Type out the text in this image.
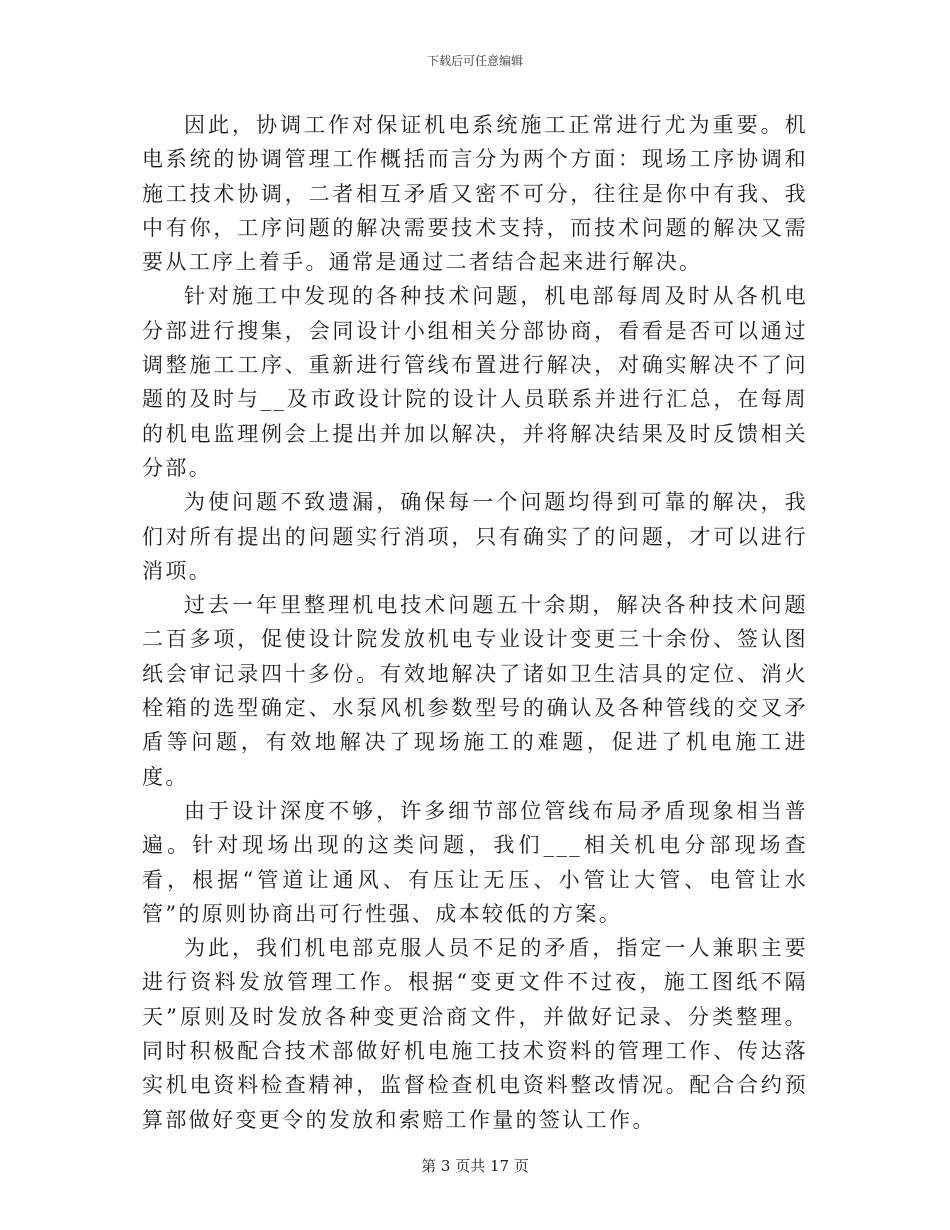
下载后可任意编辑

因此，协调工作对保证机电系统施工正常进行尤为重要。机电系统的协调管理工作概括而言分为两个方面：现场工序协调和施工技术协调，二者相互矛盾又密不可分，往往是你中有我、我中有你，工序问题的解决需要技术支持，而技术问题的解决又需要从工序上着手。通常是通过二者结合起来进行解决。

针对施工中发现的各种技术问题，机电部每周及时从各机电分部进行搜集，会同设计小组相关分部协商，看看是否可以通过调整施工工序、重新进行管线布置进行解决，对确实解决不了问题的及时与__及市政设计院的设计人员联系并进行汇总，在每周的机电监理例会上提出并加以解决，并将解决结果及时反馈相关分部。

为使问题不致遗漏，确保每一个问题均得到可靠的解决，我们对所有提出的问题实行消项，只有确实了的问题，才可以进行消项。

过去一年里整理机电技术问题五十余期，解决各种技术问题二百多项，促使设计院发放机电专业设计变更三十余份、签认图纸会审记录四十多份。有效地解决了诸如卫生洁具的定位、消火栓箱的选型确定、水泵风机参数型号的确认及各种管线的交叉矛盾等问题，有效地解决了现场施工的难题，促进了机电施工进度。

由于设计深度不够，许多细节部位管线布局矛盾现象相当普遍。针对现场出现的这类问题，我们___相关机电分部现场查看，根据“管道让通风、有压让无压、小管让大管、电管让水管”的原则协商出可行性强、成本较低的方案。

为此，我们机电部克服人员不足的矛盾，指定一人兼职主要进行资料发放管理工作。根据“变更文件不过夜，施工图纸不隔天”原则及时发放各种变更洽商文件，并做好记录、分类整理。同时积极配合技术部做好机电施工技术资料的管理工作、传达落实机电资料检查精神，监督检查机电资料整改情况。配合合约预算部做好变更令的发放和索赔工作量的签认工作。

第 3 页共 17 页
